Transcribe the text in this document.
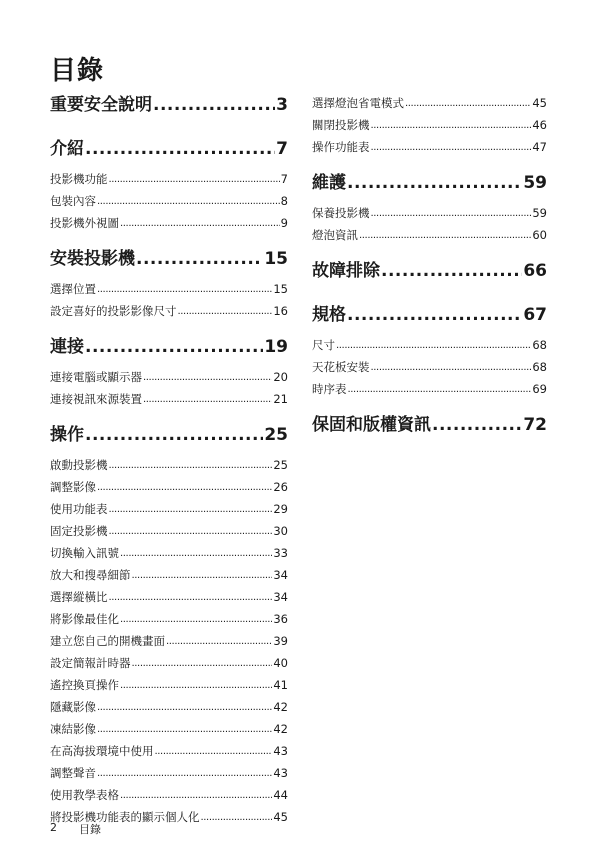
目錄
重要安全說明 .....	3
介紹 .....	7
投影機功能 .....	7
包裝內容 .....	8
投影機外視圖 .....	9
安裝投影機 .....	15
選擇位置 .....	15
設定喜好的投影影像尺寸 .....	16
連接 .....	19
連接電腦或顯示器 .....	20
連接視訊來源裝置 .....	21
操作 .....	25
啟動投影機 .....	25
調整影像 .....	26
使用功能表 .....	29
固定投影機 .....	30
切換輸入訊號 .....	33
放大和搜尋細節 .....	34
選擇縱橫比 .....	34
將影像最佳化 .....	36
建立您自己的開機畫面 .....	39
設定簡報計時器 .....	40
遙控換頁操作 .....	41
隱藏影像 .....	42
凍結影像 .....	42
在高海拔環境中使用 .....	43
調整聲音 .....	43
使用教學表格 .....	44
將投影機功能表的顯示個人化 .....	45
選擇燈泡省電模式 .....	45
關閉投影機 .....	46
操作功能表 .....	47
維護 .....	59
保養投影機 .....	59
燈泡資訊 .....	60
故障排除 .....	66
規格 .....	67
尺寸 .....	68
天花板安裝 .....	68
時序表 .....	69
保固和版權資訊 .....	72
2 目錄
